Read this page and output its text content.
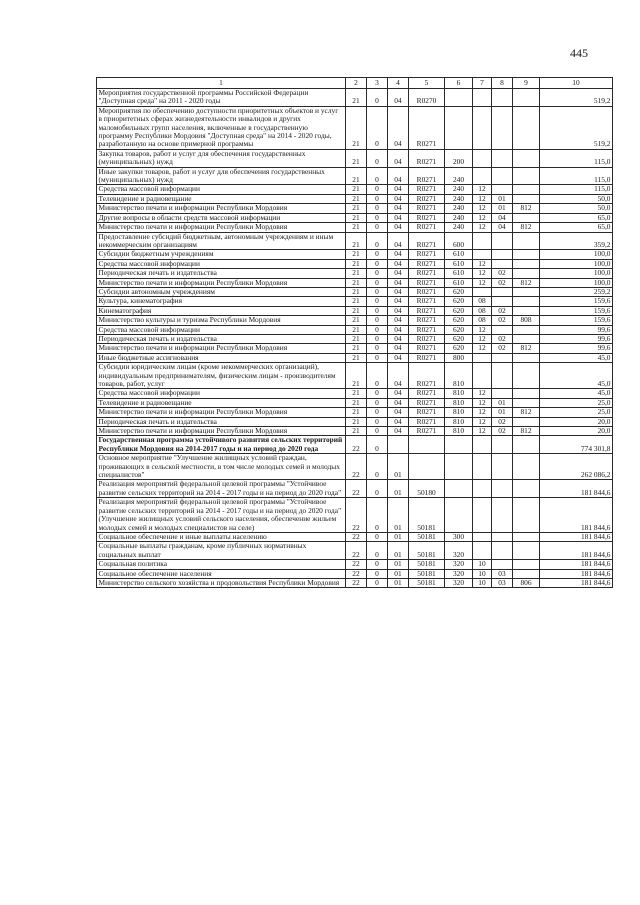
445
1	2	3	4	5	6	7	8	9	10
Мероприятия государственной программы Российской Федерации "Доступная среда" на 2011 - 2020 годы	21	0	04	R0270					519,2
Мероприятия по обеспечению доступности приоритетных объектов и услуг в приоритетных сферах жизнедеятельности инвалидов и других маломобильных групп населения, включенные в государственную программу Республики Мордовия "Доступная среда" на 2014 - 2020 годы, разработанную на основе примерной программы	21	0	04	R0271					519,2
Закупка товаров, работ и услуг для обеспечения государственных (муниципальных) нужд	21	0	04	R0271	200				115,0
Иные закупки товаров, работ и услуг для обеспечения государственных (муниципальных) нужд	21	0	04	R0271	240				115,0
Средства массовой информации	21	0	04	R0271	240	12			115,0
Телевидение и радиовещание	21	0	04	R0271	240	12	01		50,0
Министерство печати и информации Республики Мордовия	21	0	04	R0271	240	12	01	812	50,0
Другие вопросы в области средств массовой информации	21	0	04	R0271	240	12	04		65,0
Министерство печати и информации Республики Мордовия	21	0	04	R0271	240	12	04	812	65,0
Предоставление субсидий бюджетным, автономным учреждениям и иным некоммерческим организациям	21	0	04	R0271	600				359,2
Субсидии бюджетным учреждениям	21	0	04	R0271	610				100,0
Средства массовой информации	21	0	04	R0271	610	12			100,0
Периодическая печать и издательства	21	0	04	R0271	610	12	02		100,0
Министерство печати и информации Республики Мордовия	21	0	04	R0271	610	12	02	812	100,0
Субсидии автономным учреждениям	21	0	04	R0271	620				259,2
Культура, кинематография	21	0	04	R0271	620	08			159,6
Кинематография	21	0	04	R0271	620	08	02		159,6
Министерство культуры и туризма Республики Мордовия	21	0	04	R0271	620	08	02	808	159,6
Средства массовой информации	21	0	04	R0271	620	12			99,6
Периодическая печать и издательства	21	0	04	R0271	620	12	02		99,6
Министерство печати и информации Республики Мордовия	21	0	04	R0271	620	12	02	812	99,6
Иные бюджетные ассигнования	21	0	04	R0271	800				45,0
Субсидии юридическим лицам (кроме некоммерческих организаций), индивидуальным предпринимателям, физическим лицам - производителям товаров, работ, услуг	21	0	04	R0271	810				45,0
Средства массовой информации	21	0	04	R0271	810	12			45,0
Телевидение и радиовещание	21	0	04	R0271	810	12	01		25,0
Министерство печати и информации Республики Мордовия	21	0	04	R0271	810	12	01	812	25,0
Периодическая печать и издательства	21	0	04	R0271	810	12	02		20,0
Министерство печати и информации Республики Мордовия	21	0	04	R0271	810	12	02	812	20,0
Государственная программа устойчивого развития сельских территорий Республики Мордовия на 2014-2017 годы и на период до 2020 года	22	0							774 301,8
Основное мероприятие "Улучшение жилищных условий граждан, проживающих в сельской местности, в том числе молодых семей и молодых специалистов"	22	0	01						262 086,2
Реализация мероприятий федеральной целевой программы "Устойчивое развитие сельских территорий на 2014 - 2017 годы и на период до 2020 года"	22	0	01	50180					181 844,6
Реализация мероприятий федеральной целевой программы "Устойчивое развитие сельских территорий на 2014 - 2017 годы и на период до 2020 года" (Улучшение жилищных условий сельского населения, обеспечение жильем молодых семей и молодых специалистов на селе)	22	0	01	50181					181 844,6
Социальное обеспечение и иные выплаты населению	22	0	01	50181	300				181 844,6
Социальные выплаты гражданам, кроме публичных нормативных социальных выплат	22	0	01	50181	320				181 844,6
Социальная политика	22	0	01	50181	320	10			181 844,6
Социальное обеспечение населения	22	0	01	50181	320	10	03		181 844,6
Министерство сельского хозяйства и продовольствия Республики Мордовия	22	0	01	50181	320	10	03	806	181 844,6
